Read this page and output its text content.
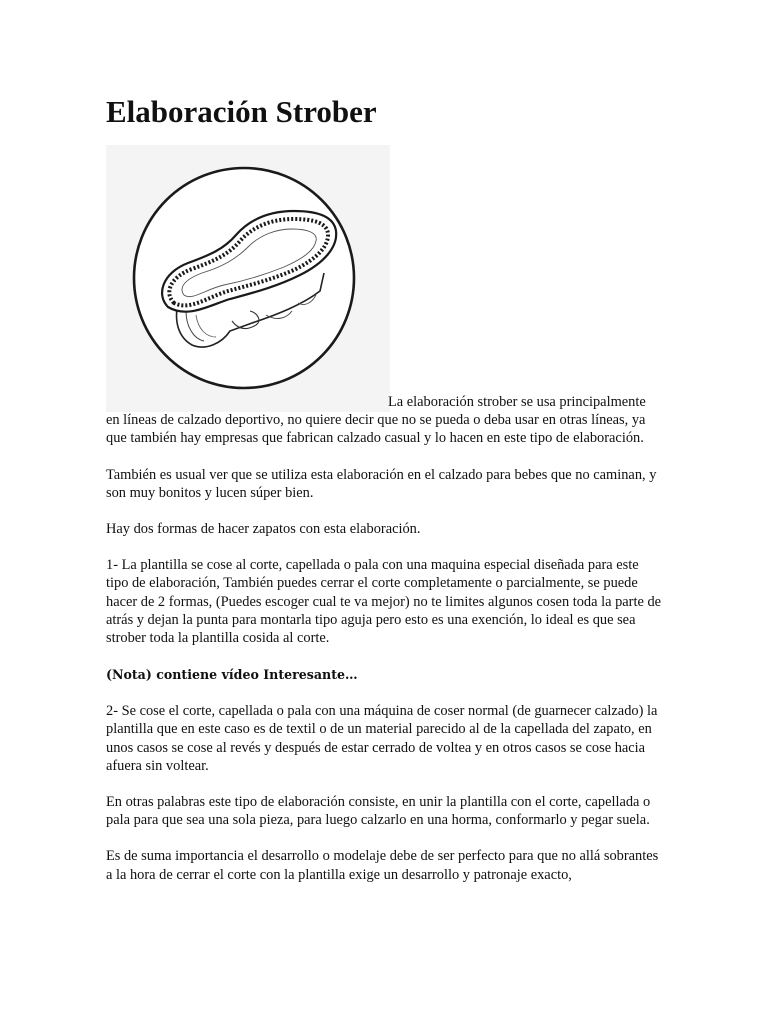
Elaboración Strober

La elaboración strober se usa principalmente
en líneas de calzado deportivo, no quiere decir que no se pueda o deba usar en otras líneas, ya que también hay empresas que fabrican calzado casual y lo hacen en este tipo de elaboración.

También es usual ver que se utiliza esta elaboración en el calzado para bebes que no caminan, y son muy bonitos y lucen súper bien.

Hay dos formas de hacer zapatos con esta elaboración.

1- La plantilla se cose al corte, capellada o pala con una maquina especial diseñada para este tipo de elaboración, También puedes cerrar el corte completamente o parcialmente, se puede hacer de 2 formas, (Puedes escoger cual te va mejor) no te limites algunos cosen toda la parte de atrás y dejan la punta para montarla tipo aguja pero esto es una exención, lo ideal es que sea strober toda la plantilla cosida al corte.

(Nota) contiene vídeo Interesante…

2- Se cose el corte, capellada o pala con una máquina de coser normal (de guarnecer calzado) la plantilla que en este caso es de textil o de un material parecido al de la capellada del zapato, en unos casos se cose al revés y después de estar cerrado de voltea y en otros casos se cose hacia afuera sin voltear.

En otras palabras este tipo de elaboración consiste, en unir la plantilla con el corte, capellada o pala para que sea una sola pieza, para luego calzarlo en una horma, conformarlo y pegar suela.

Es de suma importancia el desarrollo o modelaje debe de ser perfecto para que no allá sobrantes a la hora de cerrar el corte con la plantilla exige un desarrollo y patronaje exacto,
